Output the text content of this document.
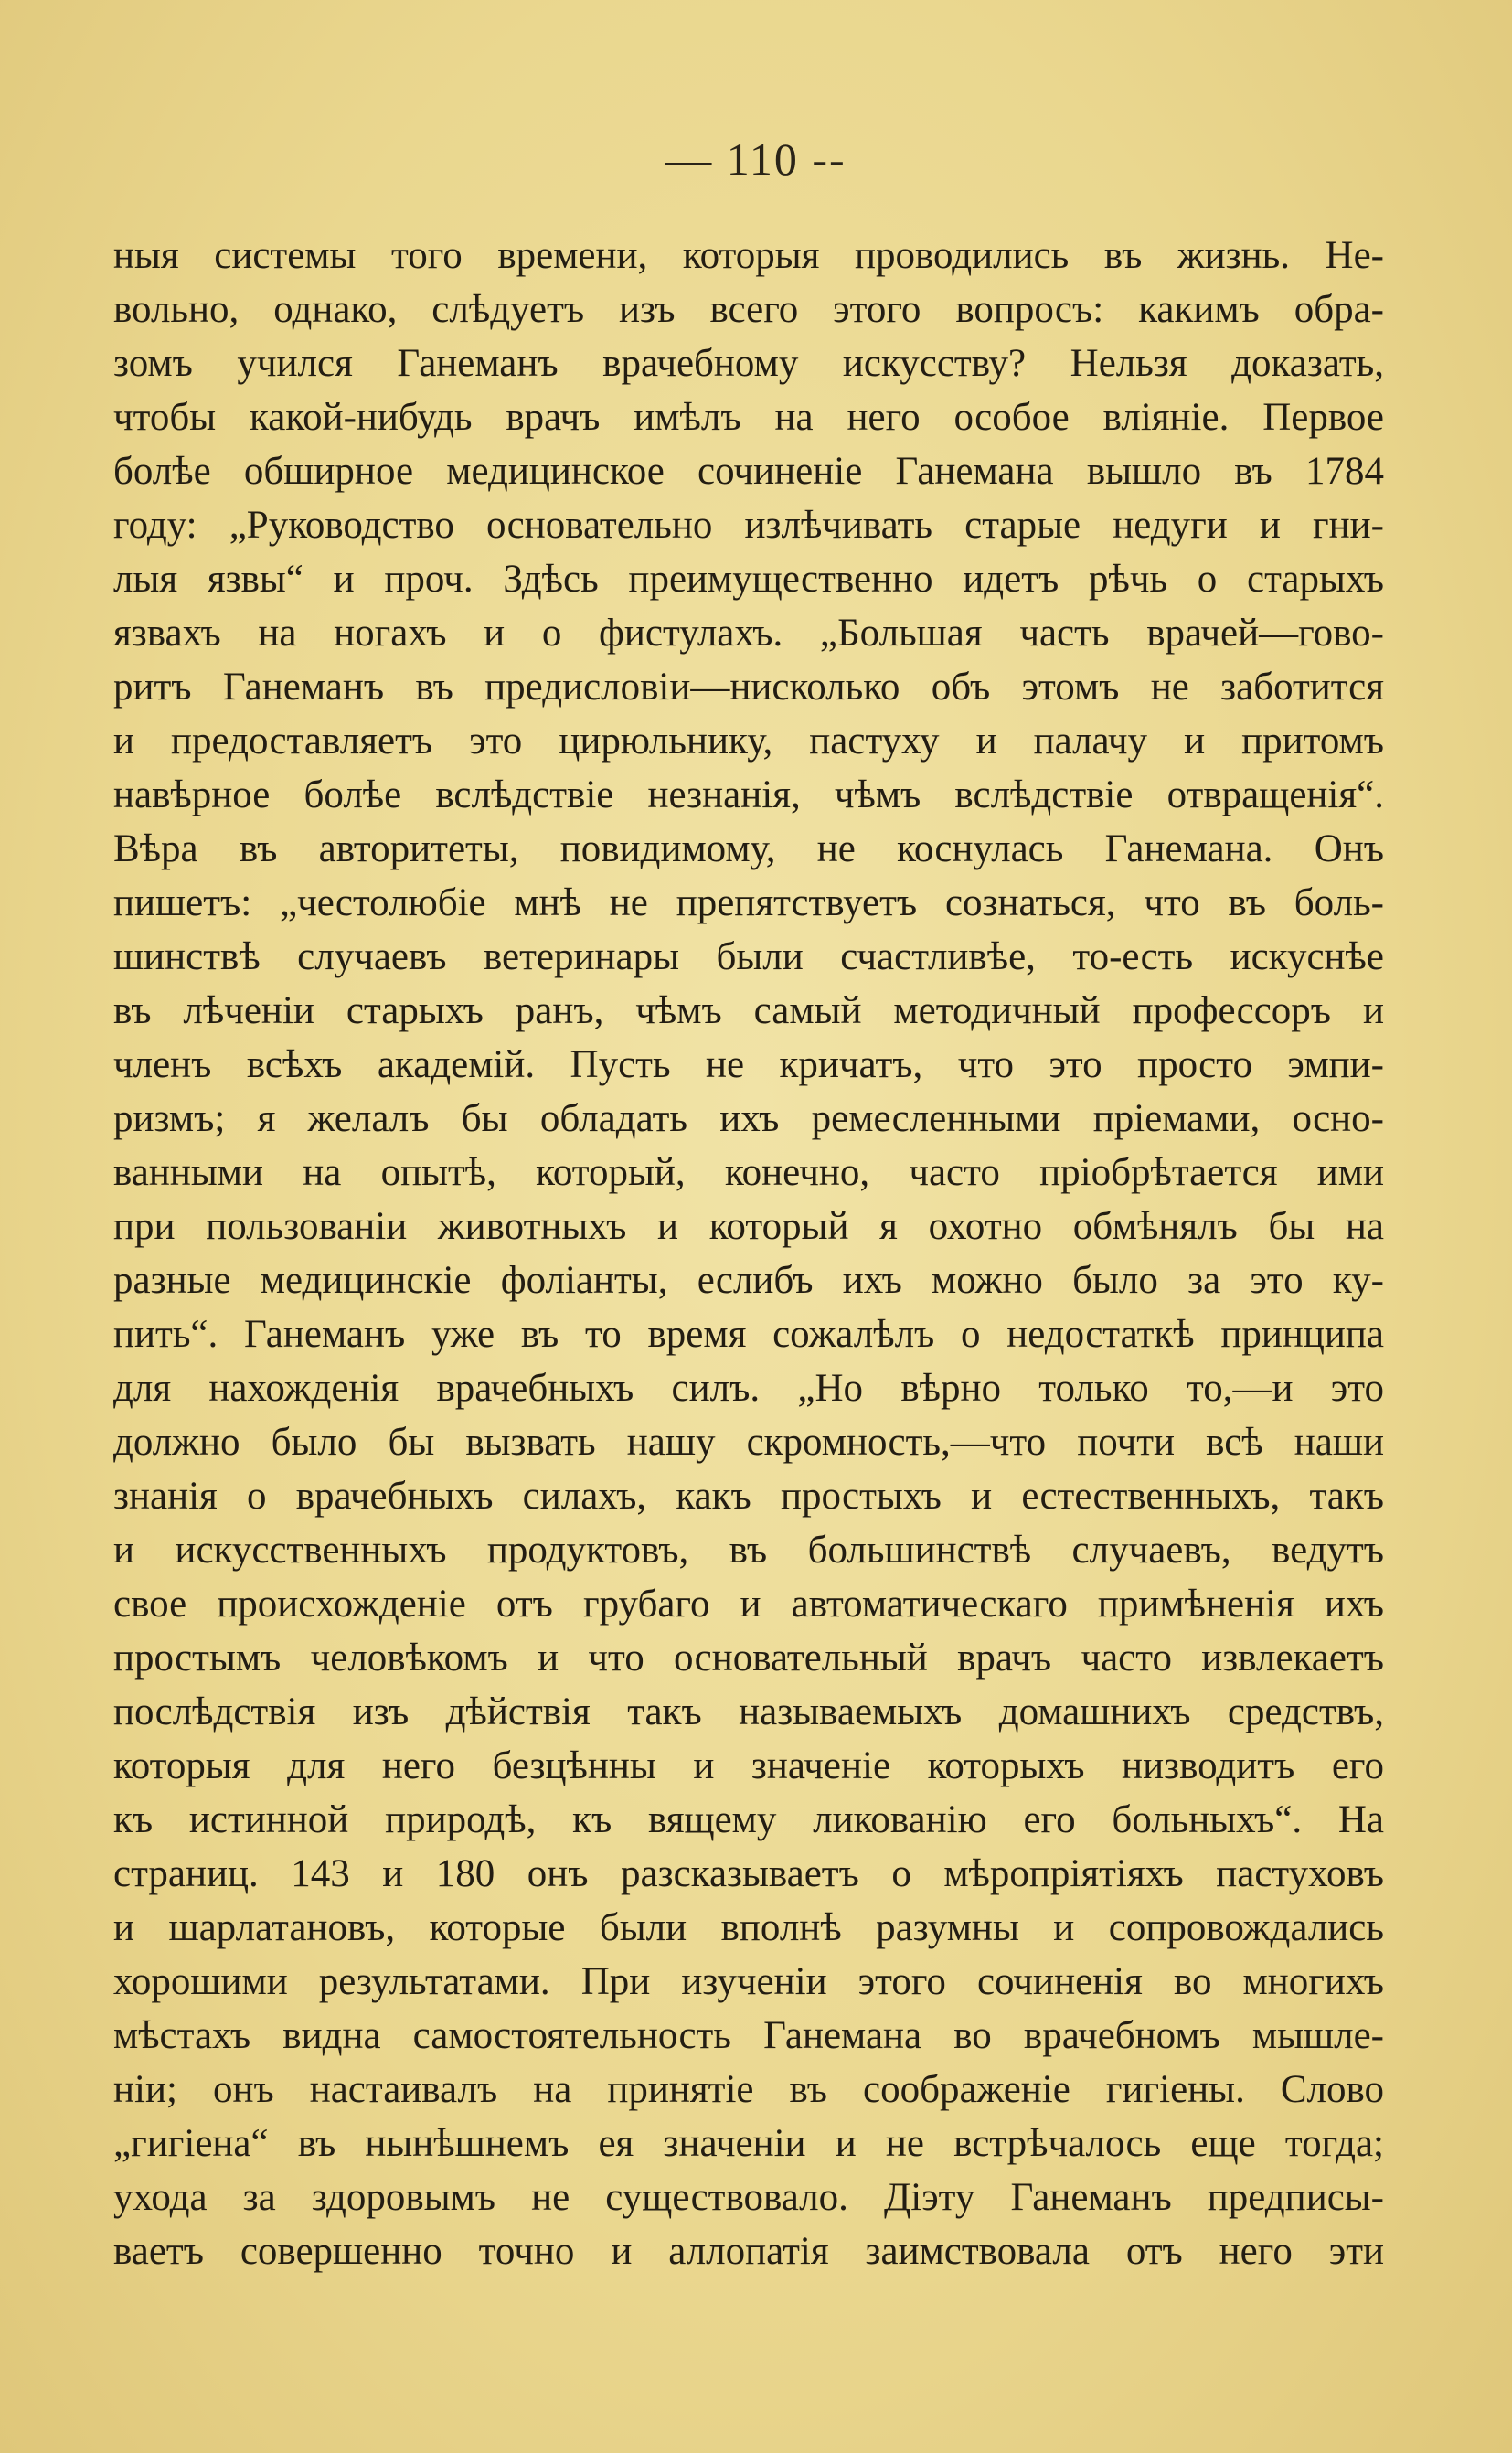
— 110 --
ныя системы того времени, которыя проводились въ жизнь. Не-
вольно, однако, слѣдуетъ изъ всего этого вопросъ: какимъ обра-
зомъ учился Ганеманъ врачебному искусству? Нельзя доказать,
чтобы какой-нибудь врачъ имѣлъ на него особое вліяніе. Первое
болѣе обширное медицинское сочиненіе Ганемана вышло въ 1784
году: „Руководство основательно излѣчивать старые недуги и гни-
лыя язвы“ и проч. Здѣсь преимущественно идетъ рѣчь о старыхъ
язвахъ на ногахъ и о фистулахъ. „Большая часть врачей—гово-
ритъ Ганеманъ въ предисловіи—нисколько объ этомъ не заботится
и предоставляетъ это цирюльнику, пастуху и палачу и притомъ
навѣрное болѣе вслѣдствіе незнанія, чѣмъ вслѣдствіе отвращенія“.
Вѣра въ авторитеты, повидимому, не коснулась Ганемана. Онъ
пишетъ: „честолюбіе мнѣ не препятствуетъ сознаться, что въ боль-
шинствѣ случаевъ ветеринары были счастливѣе, то-есть искуснѣе
въ лѣченіи старыхъ ранъ, чѣмъ самый методичный профессоръ и
членъ всѣхъ академій. Пусть не кричатъ, что это просто эмпи-
ризмъ; я желалъ бы обладать ихъ ремесленными пріемами, осно-
ванными на опытѣ, который, конечно, часто пріобрѣтается ими
при пользованіи животныхъ и который я охотно обмѣнялъ бы на
разные медицинскіе фоліанты, еслибъ ихъ можно было за это ку-
пить“. Ганеманъ уже въ то время сожалѣлъ о недостаткѣ принципа
для нахожденія врачебныхъ силъ. „Но вѣрно только то,—и это
должно было бы вызвать нашу скромность,—что почти всѣ наши
знанія о врачебныхъ силахъ, какъ простыхъ и естественныхъ, такъ
и искусственныхъ продуктовъ, въ большинствѣ случаевъ, ведутъ
свое происхожденіе отъ грубаго и автоматическаго примѣненія ихъ
простымъ человѣкомъ и что основательный врачъ часто извлекаетъ
послѣдствія изъ дѣйствія такъ называемыхъ домашнихъ средствъ,
которыя для него безцѣнны и значеніе которыхъ низводитъ его
къ истинной природѣ, къ вящему ликованію его больныхъ“. На
страниц. 143 и 180 онъ разсказываетъ о мѣропріятіяхъ пастуховъ
и шарлатановъ, которые были вполнѣ разумны и сопровождались
хорошими результатами. При изученіи этого сочиненія во многихъ
мѣстахъ видна самостоятельность Ганемана во врачебномъ мышле-
ніи; онъ настаивалъ на принятіе въ соображеніе гигіены. Слово
„гигіена“ въ нынѣшнемъ ея значеніи и не встрѣчалось еще тогда;
ухода за здоровымъ не существовало. Діэту Ганеманъ предписы-
ваетъ совершенно точно и аллопатія заимствовала отъ него эти
